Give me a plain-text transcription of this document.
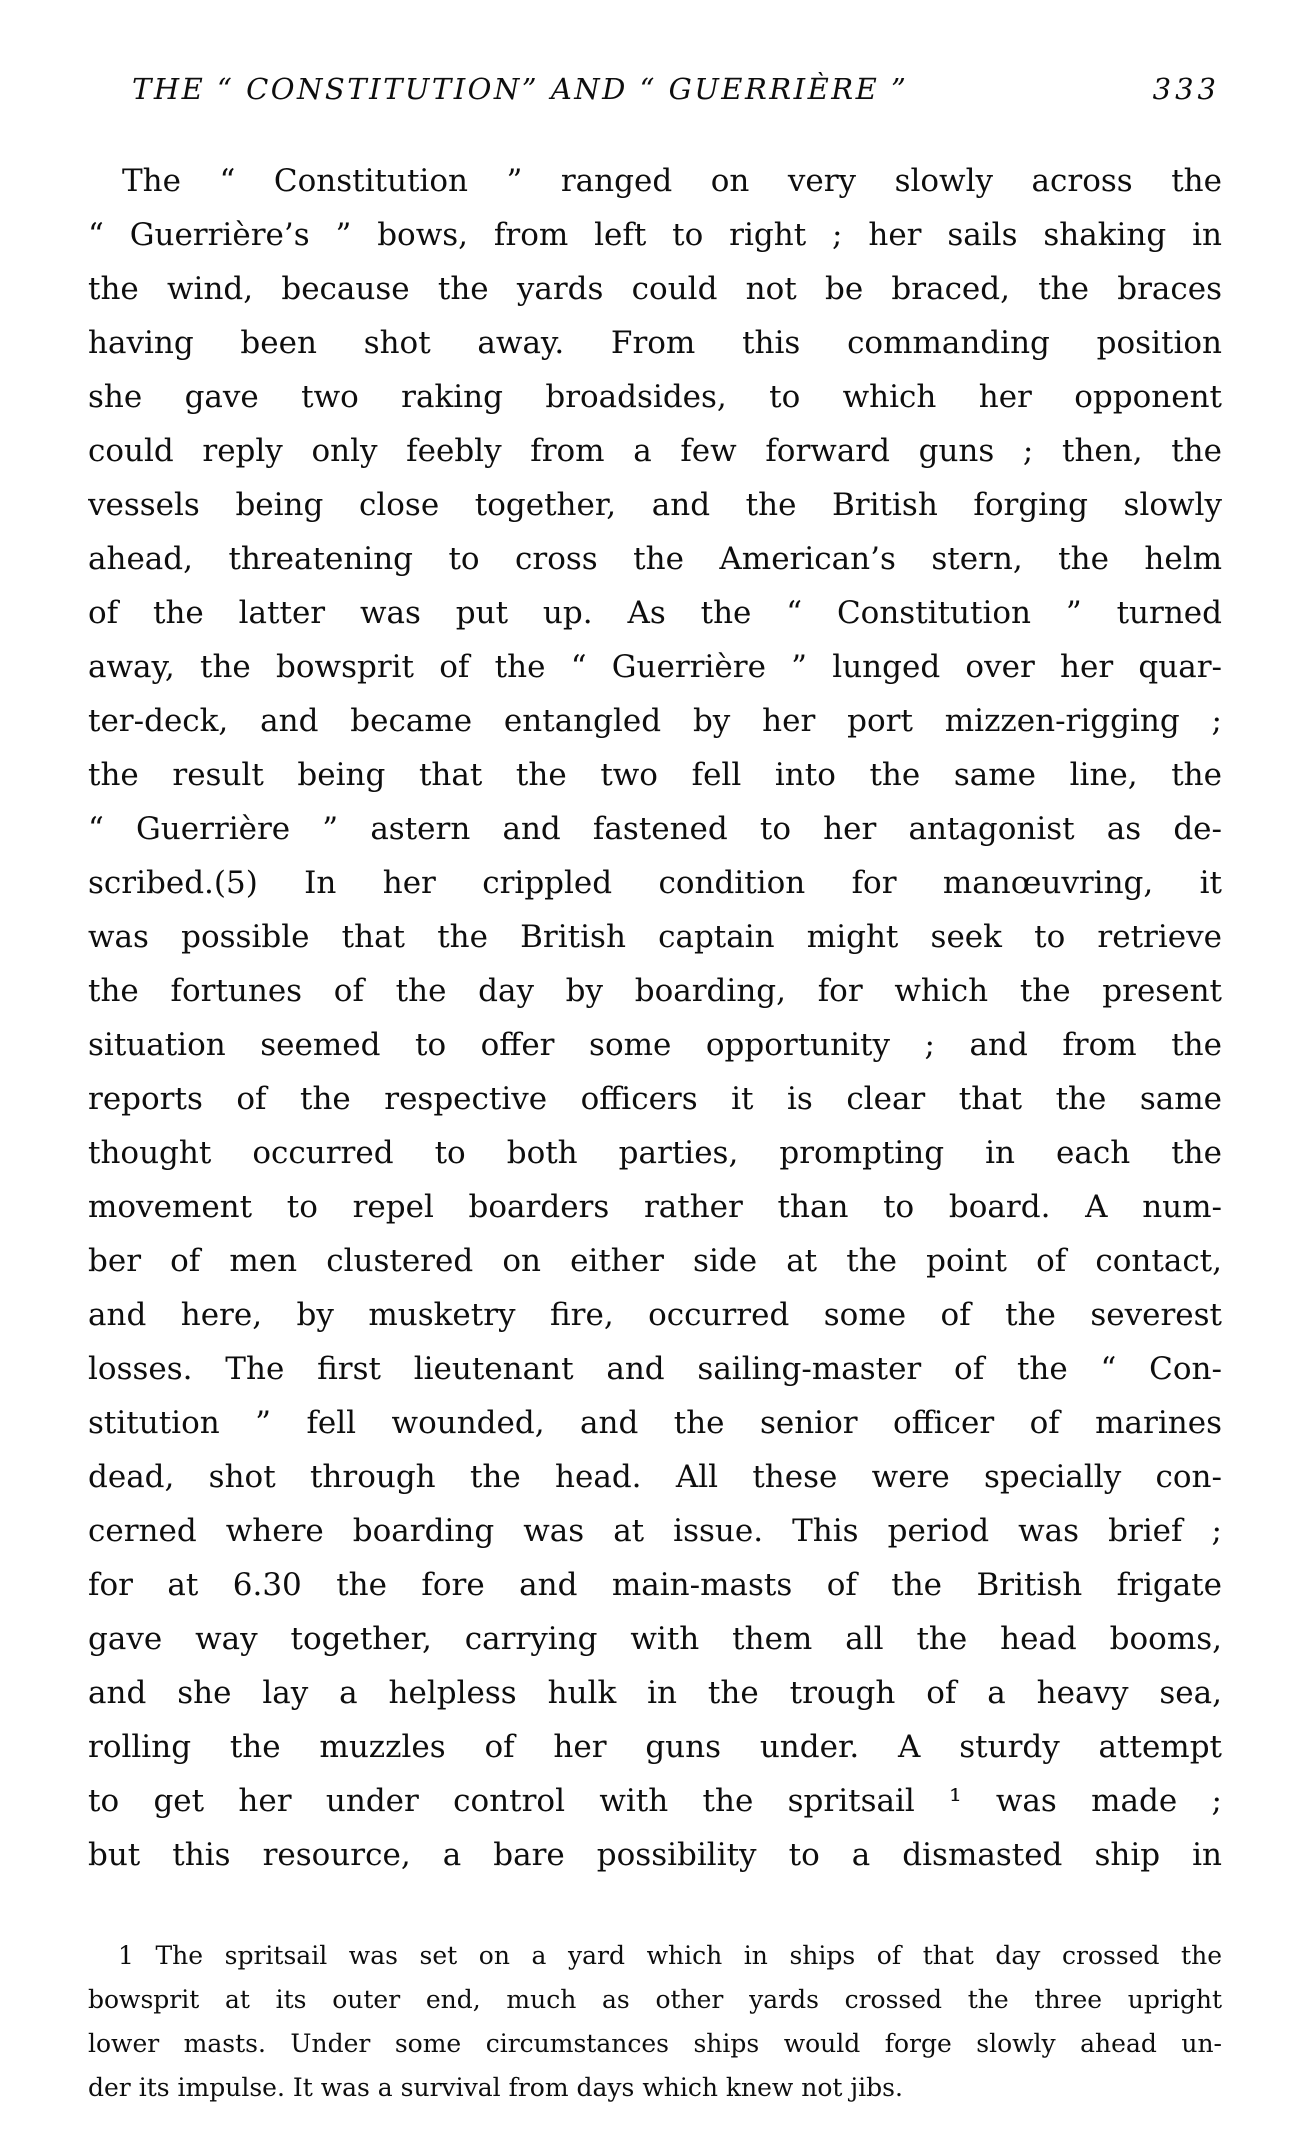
THE “ CONSTITUTION” AND “ GUERRIÈRE ”	333
The “ Constitution ” ranged on very slowly across the
“ Guerrière’s ” bows, from left to right ; her sails shaking in
the wind, because the yards could not be braced, the braces
having been shot away. From this commanding position
she gave two raking broadsides, to which her opponent
could reply only feebly from a few forward guns ; then, the
vessels being close together, and the British forging slowly
ahead, threatening to cross the American’s stern, the helm
of the latter was put up. As the “ Constitution ” turned
away, the bowsprit of the “ Guerrière ” lunged over her quar-
ter-deck, and became entangled by her port mizzen-rigging ;
the result being that the two fell into the same line, the
“ Guerrière ” astern and fastened to her antagonist as de-
scribed.(5) In her crippled condition for manœuvring, it
was possible that the British captain might seek to retrieve
the fortunes of the day by boarding, for which the present
situation seemed to offer some opportunity ; and from the
reports of the respective officers it is clear that the same
thought occurred to both parties, prompting in each the
movement to repel boarders rather than to board. A num-
ber of men clustered on either side at the point of contact,
and here, by musketry fire, occurred some of the severest
losses. The first lieutenant and sailing-master of the “ Con-
stitution ” fell wounded, and the senior officer of marines
dead, shot through the head. All these were specially con-
cerned where boarding was at issue. This period was brief ;
for at 6.30 the fore and main-masts of the British frigate
gave way together, carrying with them all the head booms,
and she lay a helpless hulk in the trough of a heavy sea,
rolling the muzzles of her guns under. A sturdy attempt
to get her under control with the spritsail ¹ was made ;
but this resource, a bare possibility to a dismasted ship in
1 The spritsail was set on a yard which in ships of that day crossed the
bowsprit at its outer end, much as other yards crossed the three upright
lower masts. Under some circumstances ships would forge slowly ahead un-
der its impulse. It was a survival from days which knew not jibs.
